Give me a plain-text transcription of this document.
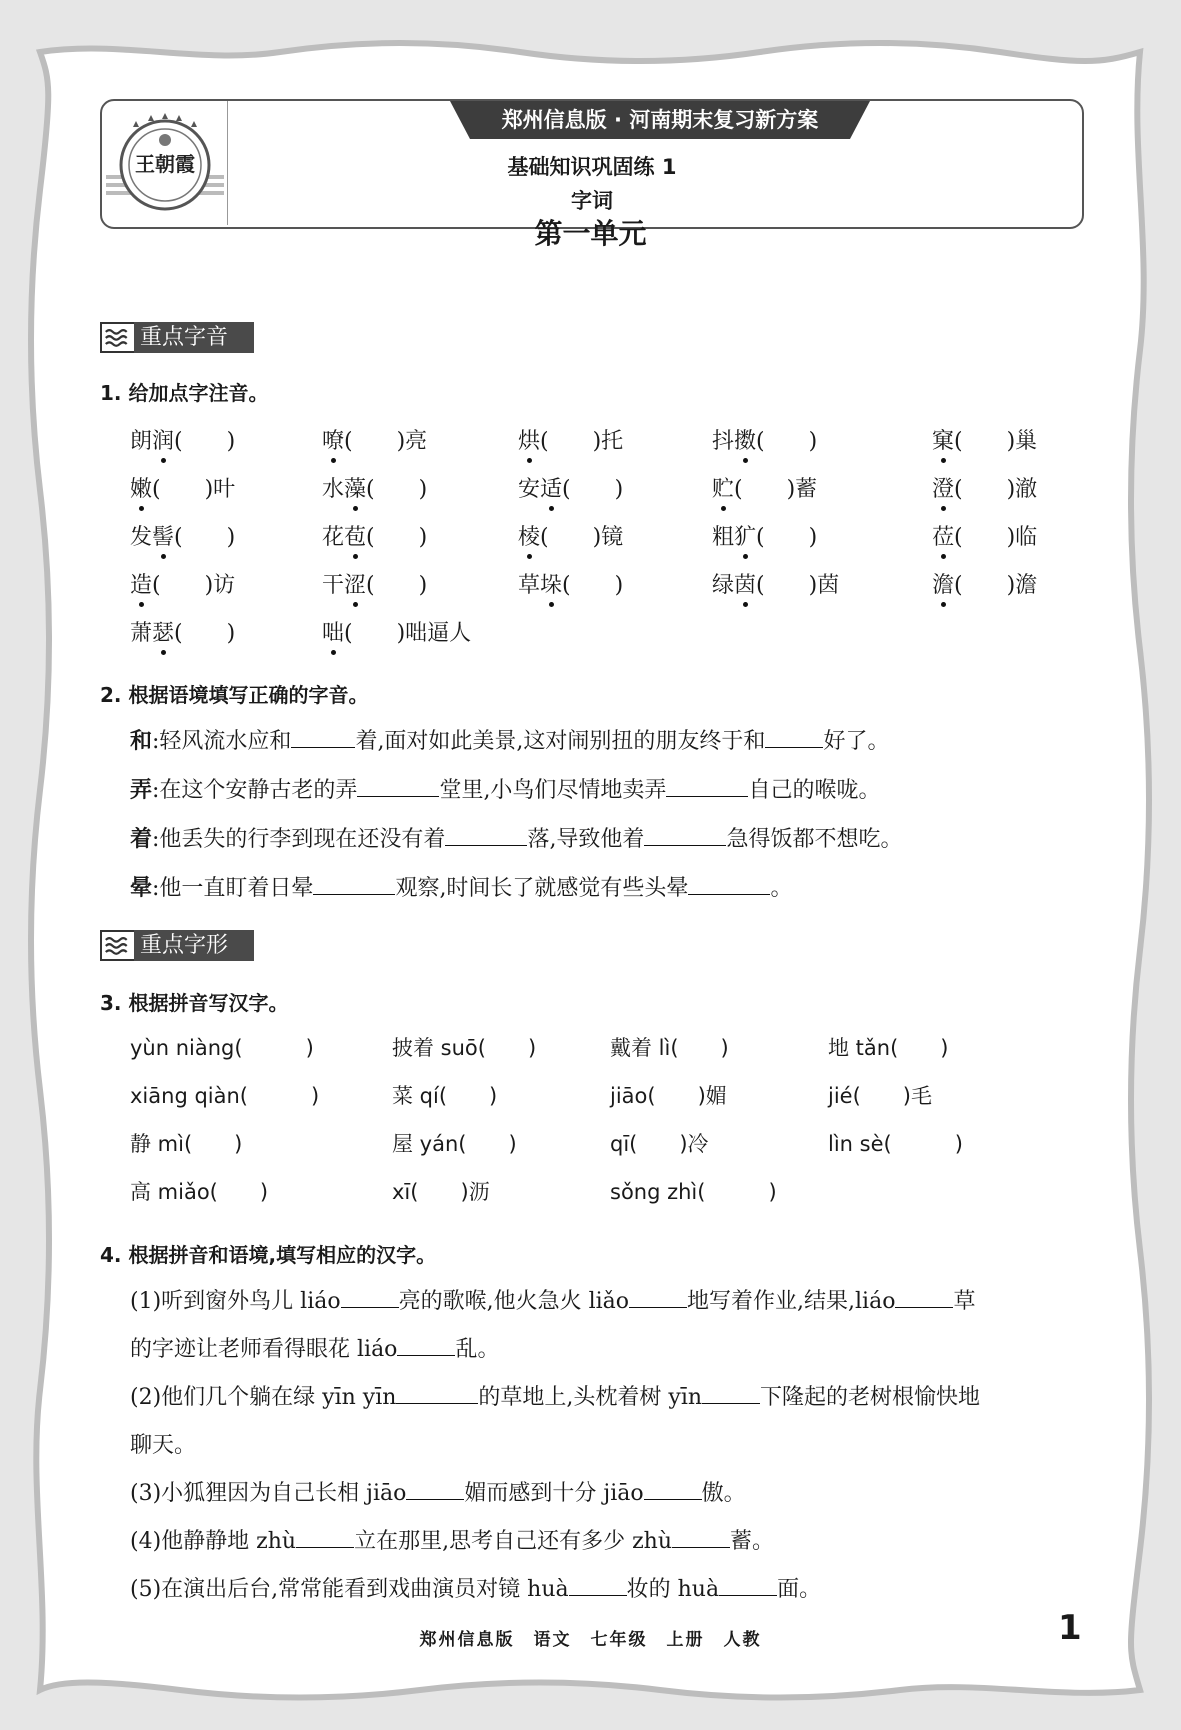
王朝霞
郑州信息版 · 河南期末复习新方案
基础知识巩固练 1
字词
第一单元
重点字音
1. 给加点字注音。
朗润(　　)	嘹(　　)亮	烘(　　)托	抖擞(　　)	窠(　　)巢
嫩(　　)叶	水藻(　　)	安适(　　)	贮(　　)蓄	澄(　　)澈
发髻(　　)	花苞(　　)	棱(　　)镜	粗犷(　　)	莅(　　)临
造(　　)访	干涩(　　)	草垛(　　)	绿茵(　　)茵	澹(　　)澹
萧瑟(　　)	咄(　　)咄逼人
2. 根据语境填写正确的字音。
和:轻风流水应和	着,面对如此美景,这对闹别扭的朋友终于和	好了。
弄:在这个安静古老的弄	堂里,小鸟们尽情地卖弄	自己的喉咙。
着:他丢失的行李到现在还没有着	落,导致他着	急得饭都不想吃。
晕:他一直盯着日晕	观察,时间长了就感觉有些头晕	。
重点字形
3. 根据拼音写汉字。
yùn niàng(　　　)	披着 suō(　　)	戴着 lì(　　)	地 tǎn(　　)
xiāng qiàn(　　　)	菜 qí(　　)	jiāo(　　)媚	jié(　　)毛
静 mì(　　)	屋 yán(　　)	qī(　　)冷	lìn sè(　　　)
高 miǎo(　　)	xī(　　)沥	sǒng zhì(　　　)
4. 根据拼音和语境,填写相应的汉字。
(1)听到窗外鸟儿 liáo	亮的歌喉,他火急火 liǎo	地写着作业,结果,liáo	草
的字迹让老师看得眼花 liáo	乱。
(2)他们几个躺在绿 yīn yīn	的草地上,头枕着树 yīn	下隆起的老树根愉快地
聊天。
(3)小狐狸因为自己长相 jiāo	媚而感到十分 jiāo	傲。
(4)他静静地 zhù	立在那里,思考自己还有多少 zhù	蓄。
(5)在演出后台,常常能看到戏曲演员对镜 huà	妆的 huà	面。
郑州信息版　语文　七年级　上册　人教	1
